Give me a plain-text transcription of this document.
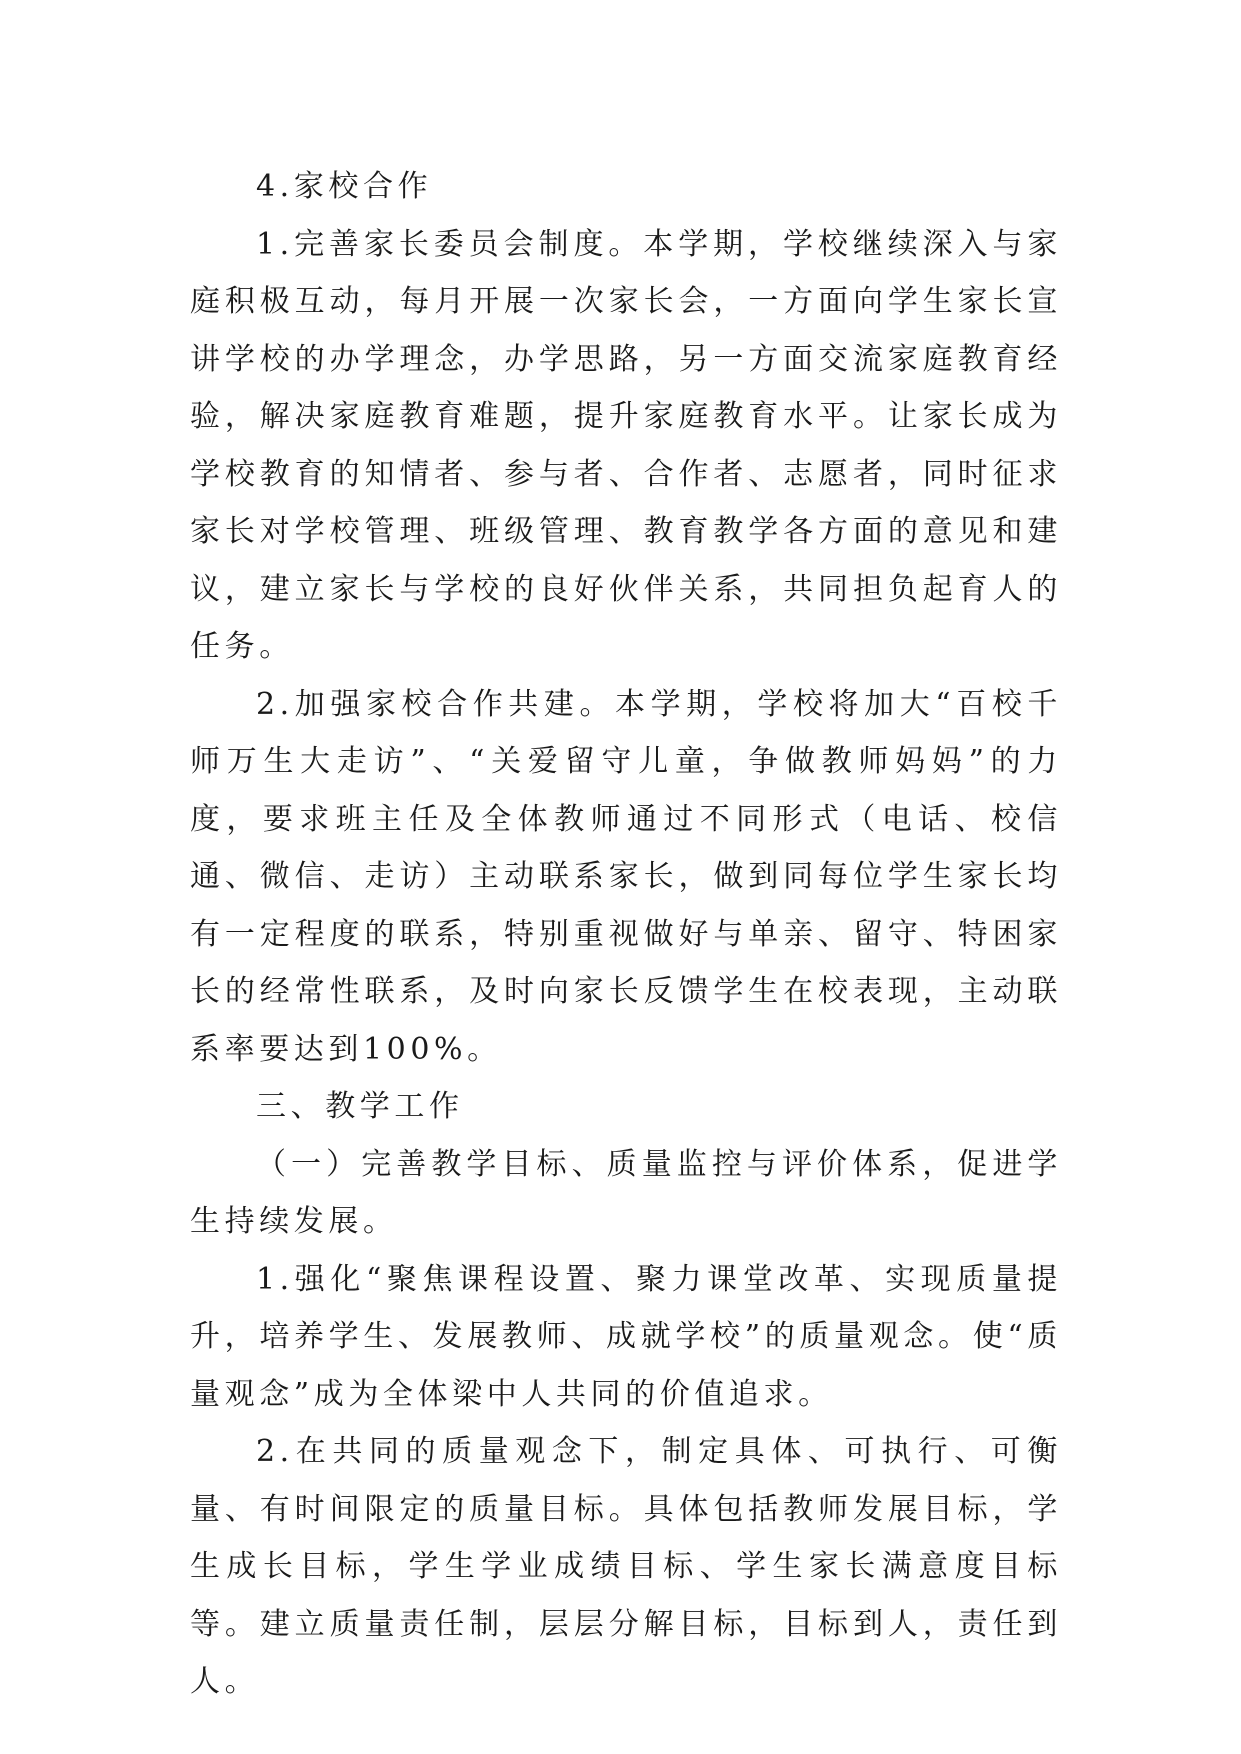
4.家校合作

1.完善家长委员会制度。本学期，学校继续深入与家庭积极互动，每月开展一次家长会，一方面向学生家长宣讲学校的办学理念，办学思路，另一方面交流家庭教育经验，解决家庭教育难题，提升家庭教育水平。让家长成为学校教育的知情者、参与者、合作者、志愿者，同时征求家长对学校管理、班级管理、教育教学各方面的意见和建议，建立家长与学校的良好伙伴关系，共同担负起育人的任务。

2.加强家校合作共建。本学期，学校将加大“百校千师万生大走访”、“关爱留守儿童，争做教师妈妈”的力度，要求班主任及全体教师通过不同形式（电话、校信通、微信、走访）主动联系家长，做到同每位学生家长均有一定程度的联系，特别重视做好与单亲、留守、特困家长的经常性联系，及时向家长反馈学生在校表现，主动联系率要达到100%。

三、教学工作

（一）完善教学目标、质量监控与评价体系，促进学生持续发展。

1.强化“聚焦课程设置、聚力课堂改革、实现质量提升，培养学生、发展教师、成就学校”的质量观念。使“质量观念”成为全体梁中人共同的价值追求。

2.在共同的质量观念下，制定具体、可执行、可衡量、有时间限定的质量目标。具体包括教师发展目标，学生成长目标，学生学业成绩目标、学生家长满意度目标等。建立质量责任制，层层分解目标，目标到人，责任到人。
